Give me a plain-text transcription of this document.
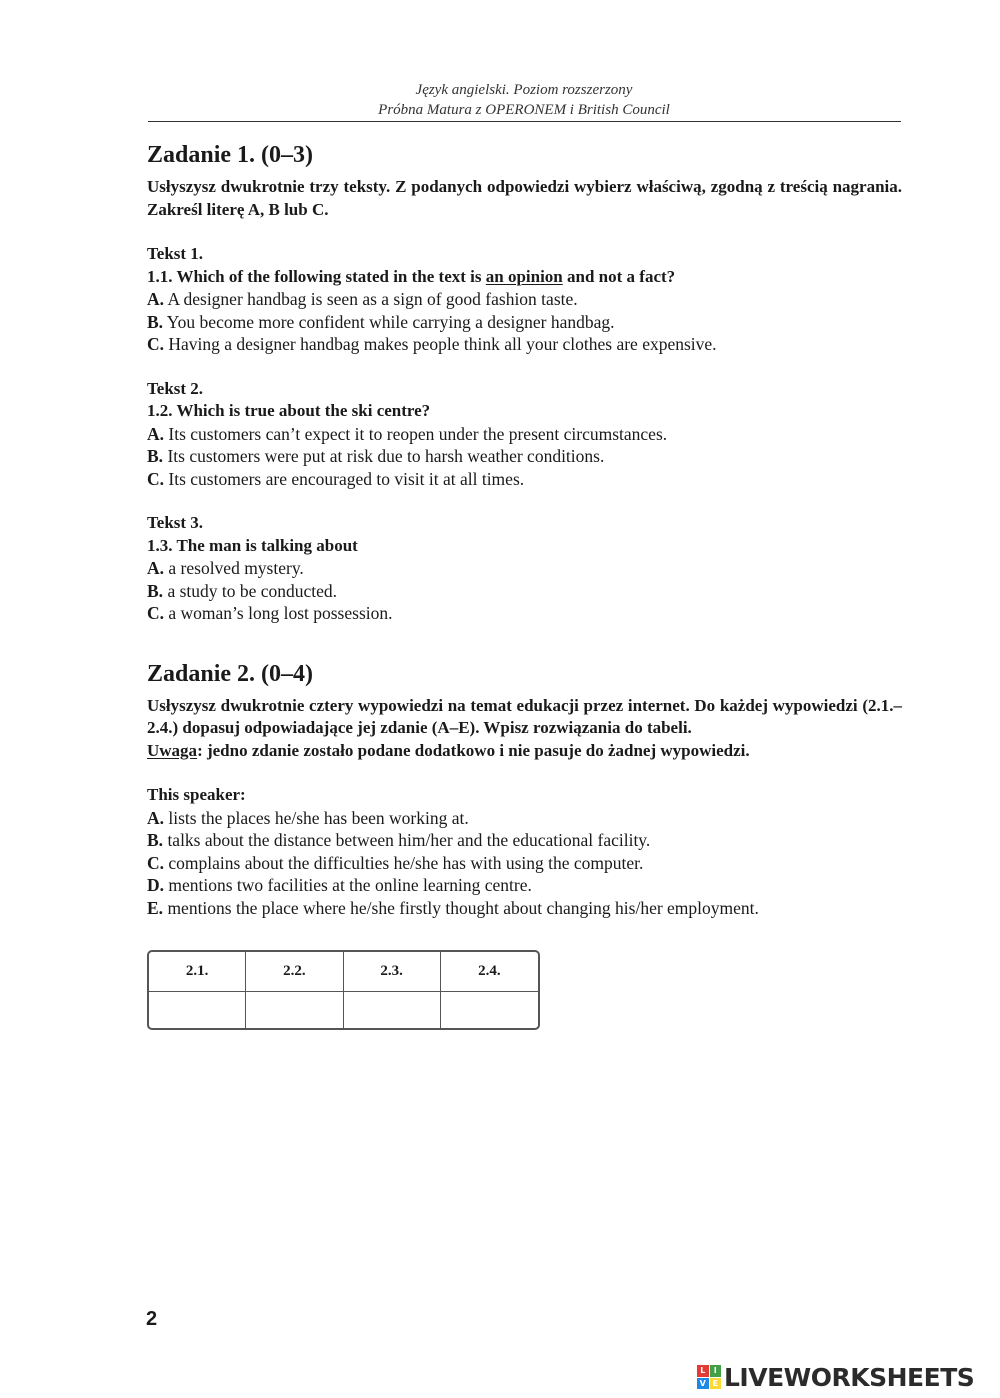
Język angielski. Poziom rozszerzony
Próbna Matura z OPERONEM i British Council
Zadanie 1. (0–3)

Usłyszysz dwukrotnie trzy teksty. Z podanych odpowiedzi wybierz właściwą, zgodną z treścią nagrania. Zakreśl literę A, B lub C.

Tekst 1.
1.1. Which of the following stated in the text is an opinion and not a fact?
A. A designer handbag is seen as a sign of good fashion taste.
B. You become more confident while carrying a designer handbag.
C. Having a designer handbag makes people think all your clothes are expensive.
Tekst 2.
1.2. Which is true about the ski centre?
A. Its customers can’t expect it to reopen under the present circumstances.
B. Its customers were put at risk due to harsh weather conditions.
C. Its customers are encouraged to visit it at all times.
Tekst 3.
1.3. The man is talking about
A. a resolved mystery.
B. a study to be conducted.
C. a woman’s long lost possession.
Zadanie 2. (0–4)

Usłyszysz dwukrotnie cztery wypowiedzi na temat edukacji przez internet. Do każdej wypowiedzi (2.1.–2.4.) dopasuj odpowiadające jej zdanie (A–E). Wpisz rozwiązania do tabeli.
Uwaga: jedno zdanie zostało podane dodatkowo i nie pasuje do żadnej wypowiedzi.

This speaker:
A. lists the places he/she has been working at.
B. talks about the distance between him/her and the educational facility.
C. complains about the difficulties he/she has with using the computer.
D. mentions two facilities at the online learning centre.
E. mentions the place where he/she firstly thought about changing his/her employment.
2.1.	2.2.	2.3.	2.4.
2
L	I
V E LIVEWORKSHEETS
